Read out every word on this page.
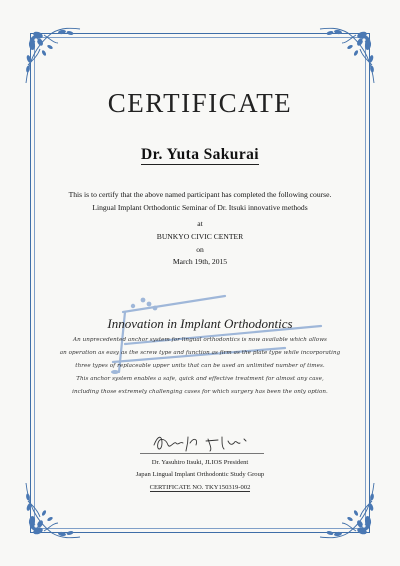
CERTIFICATE
Dr. Yuta Sakurai
This is to certify that the above named participant has completed the following course.
Lingual Implant Orthodontic Seminar of Dr. Itsuki innovative methods
at
BUNKYO CIVIC CENTER
on
March 19th, 2015
Innovation in Implant Orthodontics
An unprecedented anchor system for lingual orthodontics is now available which allows
an operation as easy as the screw type and function as firm as the plate type while incorporating
three types of replaceable upper units that can be used an unlimited number of times.
This anchor system enables a safe, quick and effective treatment for almost any case,
including those extremely challenging cases for which surgery has been the only option.
Dr. Yasuhiro Itsuki, JLIOS President
Japan Lingual Implant Orthodontic Study Group
CERTIFICATE NO. TKY150319-002
